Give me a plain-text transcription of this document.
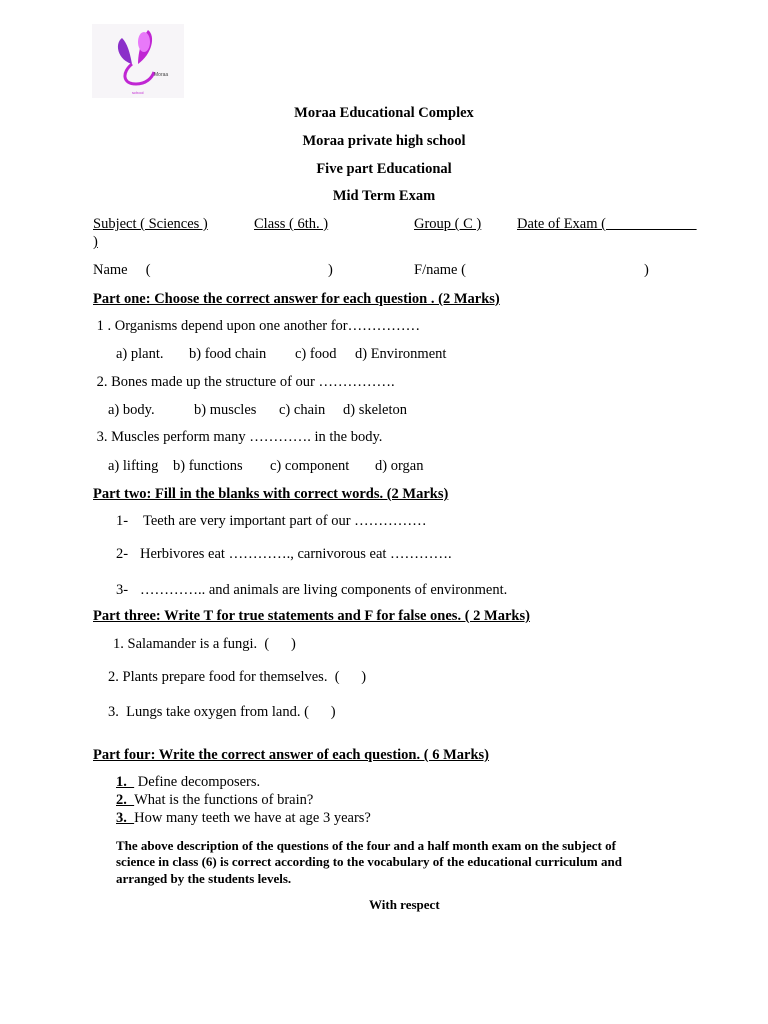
Moraa
school
Moraa Educational Complex
Moraa private high school
Five part Educational
Mid Term Exam
Subject ( Sciences )	Class ( 6th. )	Group ( C ) Date of Exam (
)
Name     (	)	F/name (	)
Part one: Choose the correct answer for each question . (2 Marks)
1 . Organisms depend upon one another for……………
a) plant. b) food chain c) food d) Environment
2. Bones made up the structure of our …………….
a) body.	b) muscles c) chain d) skeleton
3. Muscles perform many …………. in the body.
a) lifting b) functions c) component d) organ
Part two: Fill in the blanks with correct words. (2 Marks)
1- Teeth are very important part of our ……………
2- Herbivores eat …………., carnivorous eat ………….
3- ………….. and animals are living components of environment.
Part three: Write T for true statements and F for false ones. ( 2 Marks)
1. Salamander is a fungi.  (      )
2. Plants prepare food for themselves.  (      )
3.  Lungs take oxygen from land. (      )
Part four: Write the correct answer of each question. ( 6 Marks)
1.   Define decomposers.
2.  What is the functions of brain?
3.  How many teeth we have at age 3 years?
The above description of the questions of the four and a half month exam on the subject of
science in class (6) is correct according to the vocabulary of the educational curriculum and
arranged by the students levels.
With respect
